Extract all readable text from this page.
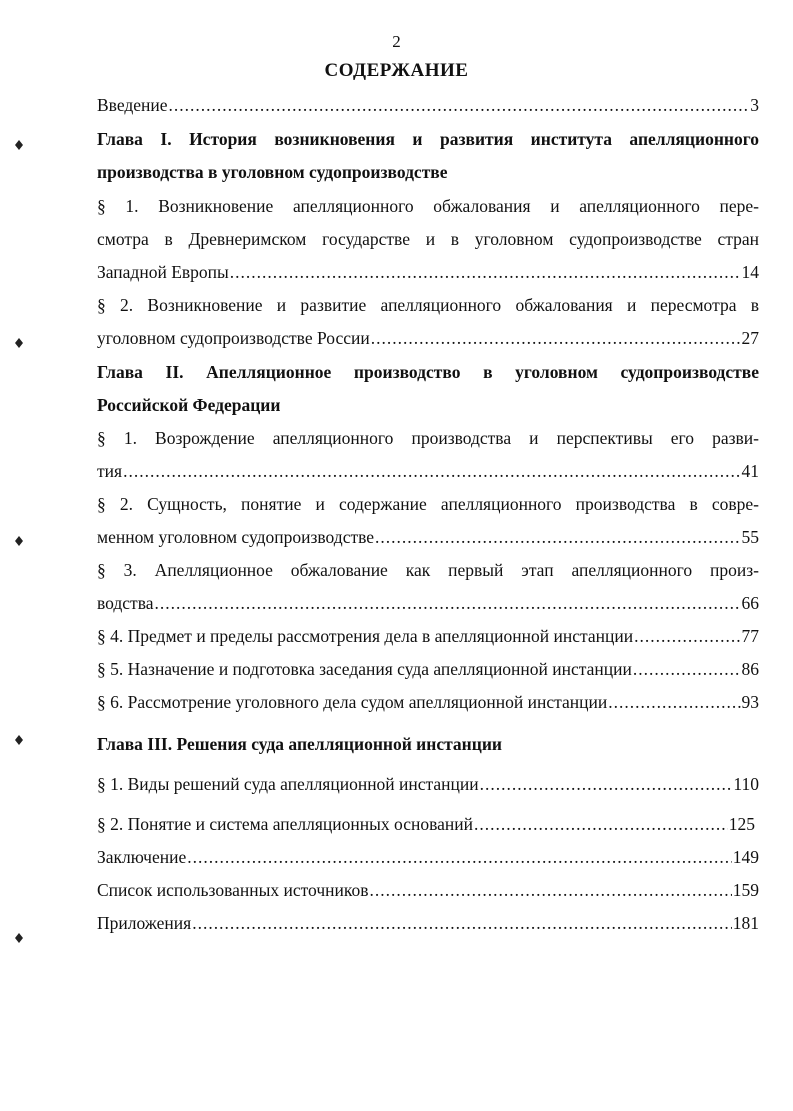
2
СОДЕРЖАНИЕ
Введение .....	3
Глава I. История возникновения и развития института апелляционного
производства в уголовном судопроизводстве
§ 1. Возникновение апелляционного обжалования и апелляционного пере-
смотра в Древнеримском государстве и в уголовном судопроизводстве стран
Западной Европы .....	14
§ 2. Возникновение и развитие апелляционного обжалования и пересмотра в
уголовном судопроизводстве России .....	27
Глава II. Апелляционное производство в уголовном судопроизводстве
Российской Федерации
§ 1. Возрождение апелляционного производства и перспективы его разви-
тия .....	41
§ 2. Сущность, понятие и содержание апелляционного производства в совре-
менном уголовном судопроизводстве .....	55
§ 3. Апелляционное обжалование как первый этап апелляционного произ-
водства .....	66
§ 4. Предмет и пределы рассмотрения дела в апелляционной инстанции .....	77
§ 5. Назначение и подготовка заседания суда апелляционной инстанции .....	86
§ 6. Рассмотрение уголовного дела судом апелляционной инстанции .....	93
Глава III. Решения суда апелляционной инстанции
§ 1. Виды решений суда апелляционной инстанции .....	110
§ 2. Понятие и система апелляционных оснований .....	125
Заключение .....	149
Список использованных источников .....	159
Приложения .....	181
